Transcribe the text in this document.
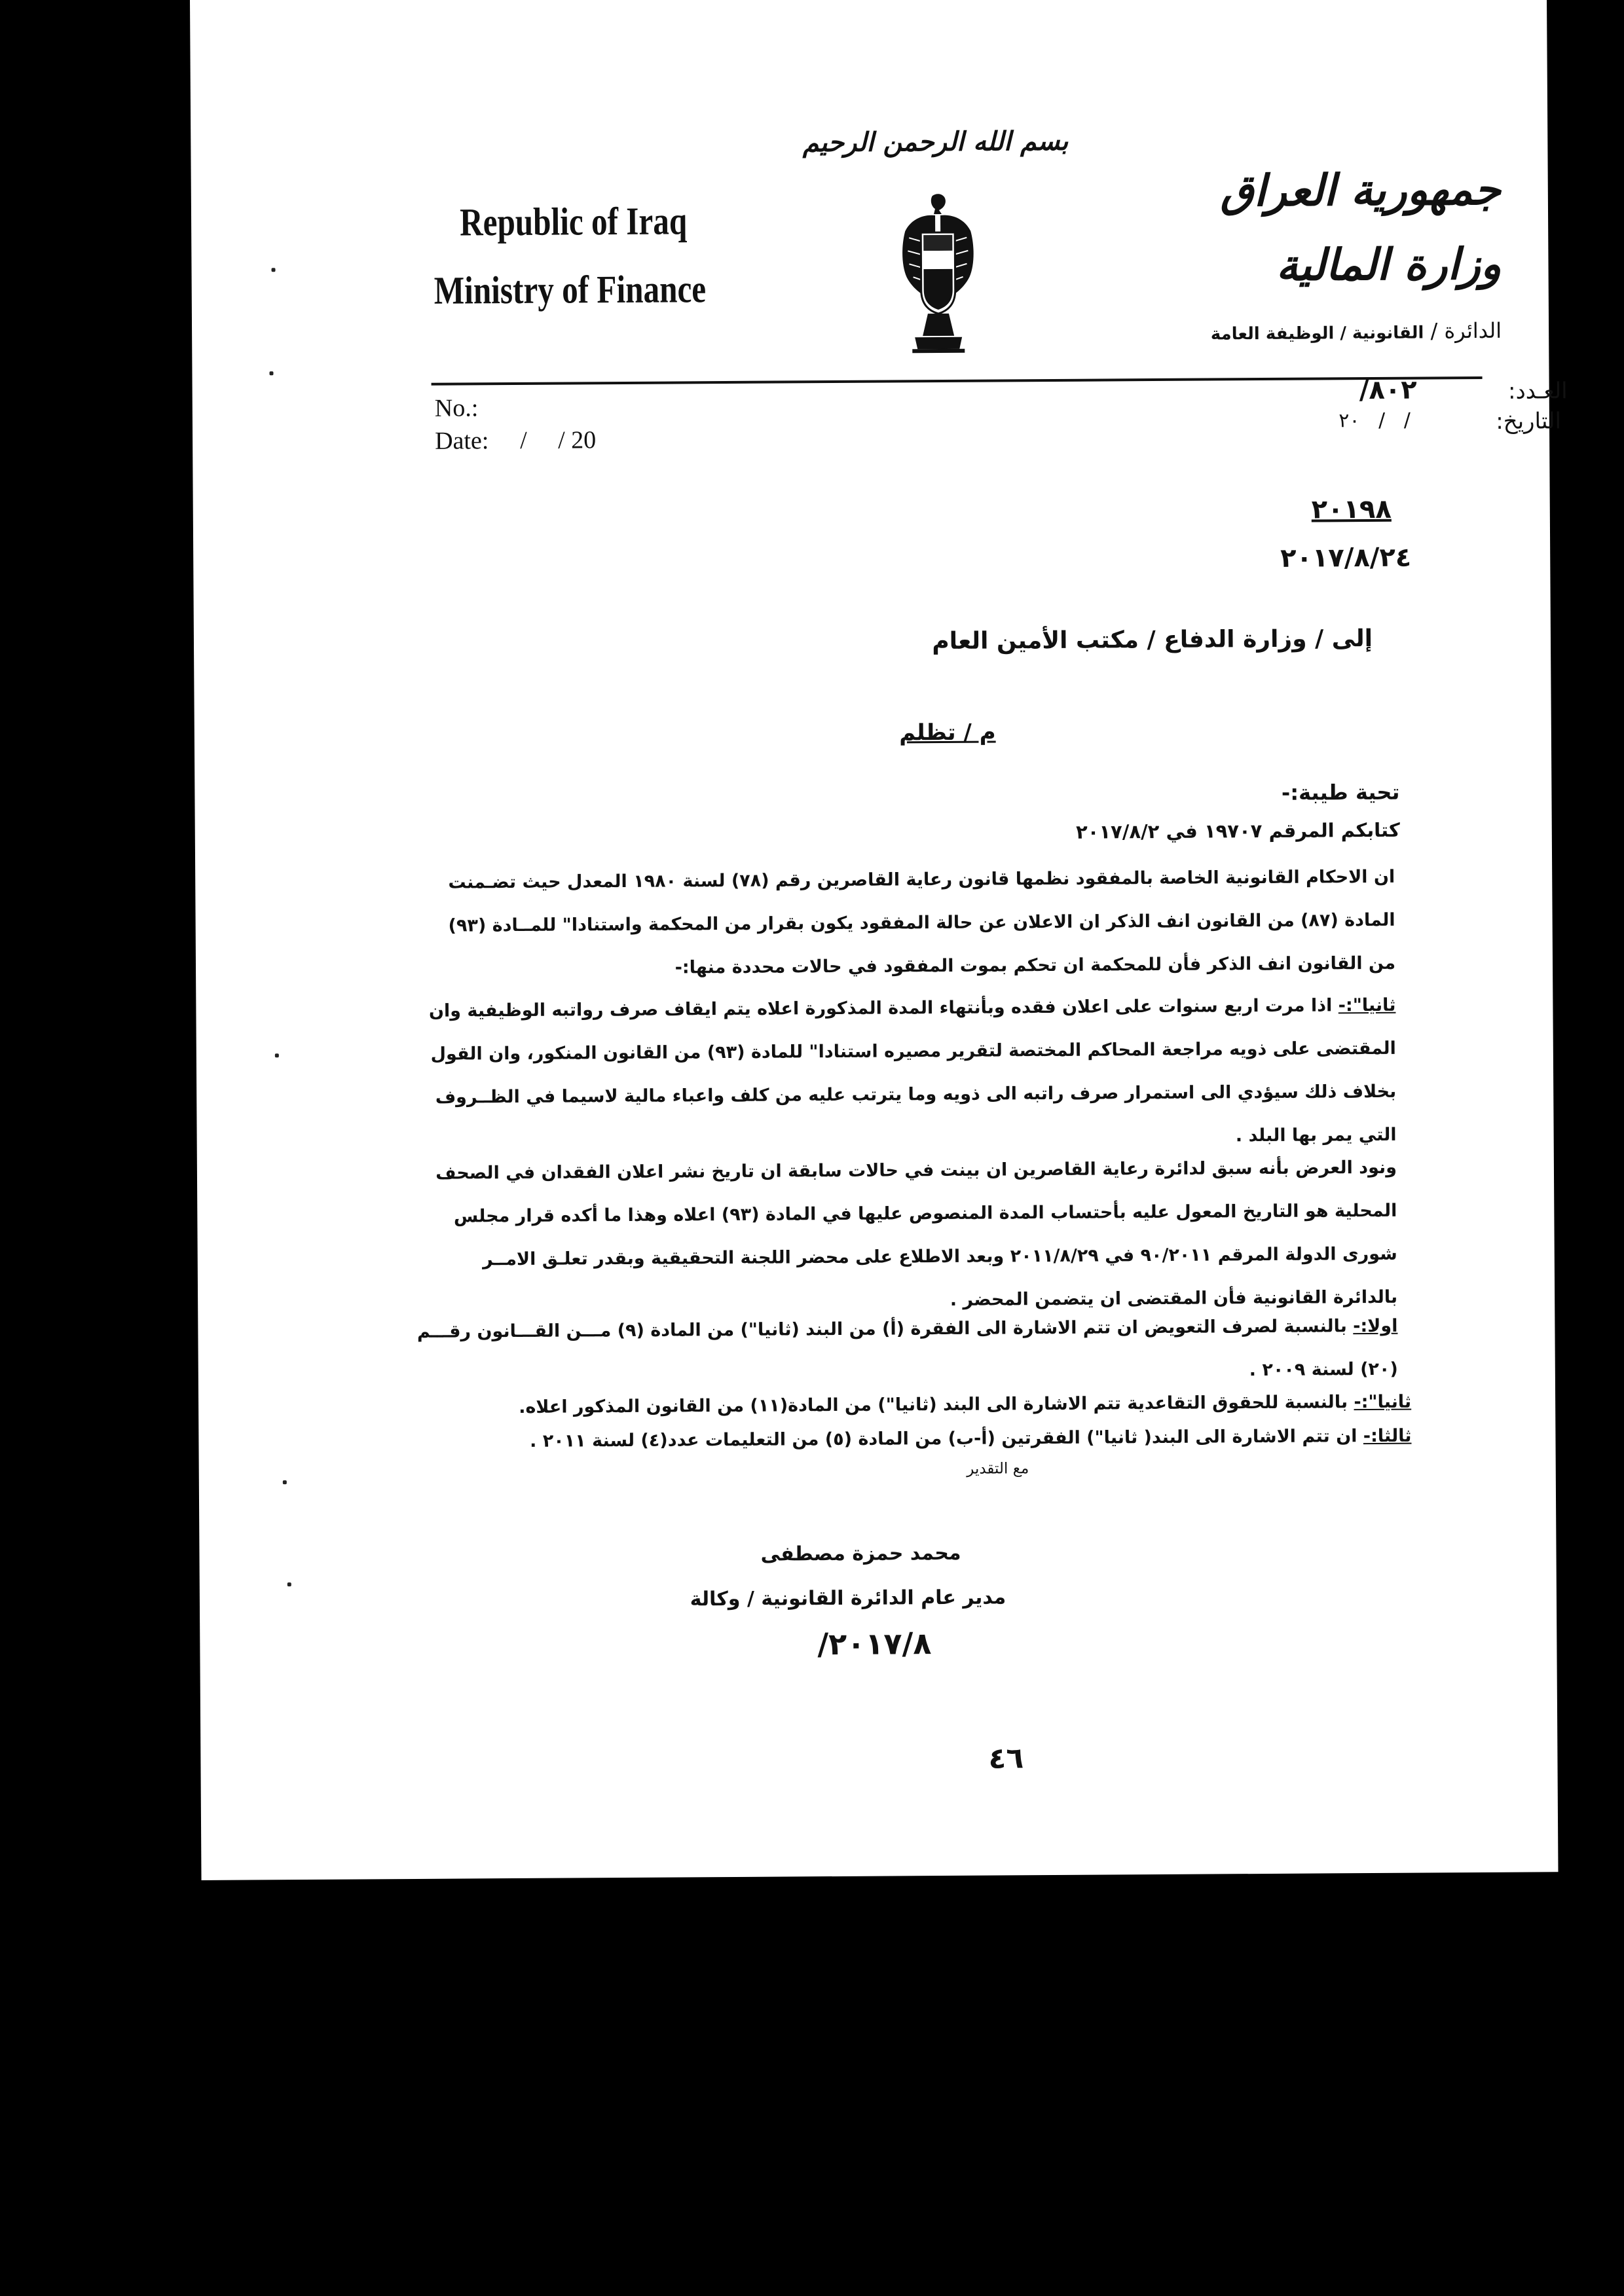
بسم الله الرحمن الرحيم
Republic of Iraq
Ministry of Finance
جمهورية العراق
وزارة المالية
الدائرة / القانونية / الوظيفة العامة
No.:
Date: /     / 20
العـدد:
٨٠٢/
التاريخ:
/   /   ٢٠
٢٠١٩٨
٢٠١٧/٨/٢٤
إلى / وزارة الدفاع / مكتب الأمين العام
م / تظلم
تحية طيبة:-
كتابكم المرقم ١٩٧٠٧ في ٢٠١٧/٨/٢
ان الاحكام القانونية الخاصة بالمفقود نظمها قانون رعاية القاصرين رقم (٧٨) لسنة ١٩٨٠ المعدل حيث تضـمنت
المادة (٨٧) من القانون انف الذكر ان الاعلان عن حالة المفقود يكون بقرار من المحكمة واستنادا" للمــادة (٩٣)
من القانون انف الذكر فأن للمحكمة ان تحكم بموت المفقود في حالات محددة منها:-
ثانيا":- اذا مرت اربع سنوات على اعلان فقده وبأنتهاء المدة المذكورة اعلاه يتم ايقاف صرف رواتبه الوظيفية وان
المقتضى على ذويه مراجعة المحاكم المختصة لتقرير مصيره استنادا" للمادة (٩٣) من القانون المنكور، وان القول
بخلاف ذلك سيؤدي الى استمرار صرف راتبه الى ذويه وما يترتب عليه من كلف واعباء مالية لاسيما في الظــروف
التي يمر بها البلد .
ونود العرض بأنه سبق لدائرة رعاية القاصرين ان بينت في حالات سابقة ان تاريخ نشر اعلان الفقدان في الصحف
المحلية هو التاريخ المعول عليه بأحتساب المدة المنصوص عليها في المادة (٩٣) اعلاه وهذا ما أكده قرار مجلس
شورى الدولة المرقم ٩٠/٢٠١١ في ٢٠١١/٨/٢٩ وبعد الاطلاع على محضر اللجنة التحقيقية وبقدر تعلـق الامــر
بالدائرة القانونية فأن المقتضى ان يتضمن المحضر .
اولا:- بالنسبة لصرف التعويض ان تتم الاشارة الى الفقرة (أ) من البند (ثانيا") من المادة (٩) مـــن القـــانون رقـــم
(٢٠) لسنة ٢٠٠٩ .
ثانيا":- بالنسبة للحقوق التقاعدية تتم الاشارة الى البند (ثانيا") من المادة(١١) من القانون المذكور اعلاه.
ثالثا:- ان تتم الاشارة الى البند( ثانيا") الفقرتين (أ-ب) من المادة (٥) من التعليمات عدد(٤) لسنة ٢٠١١ .
مع التقدير
محمد حمزة مصطفى
مدير عام الدائرة القانونية / وكالة
٢٠١٧/٨/
٤٦
